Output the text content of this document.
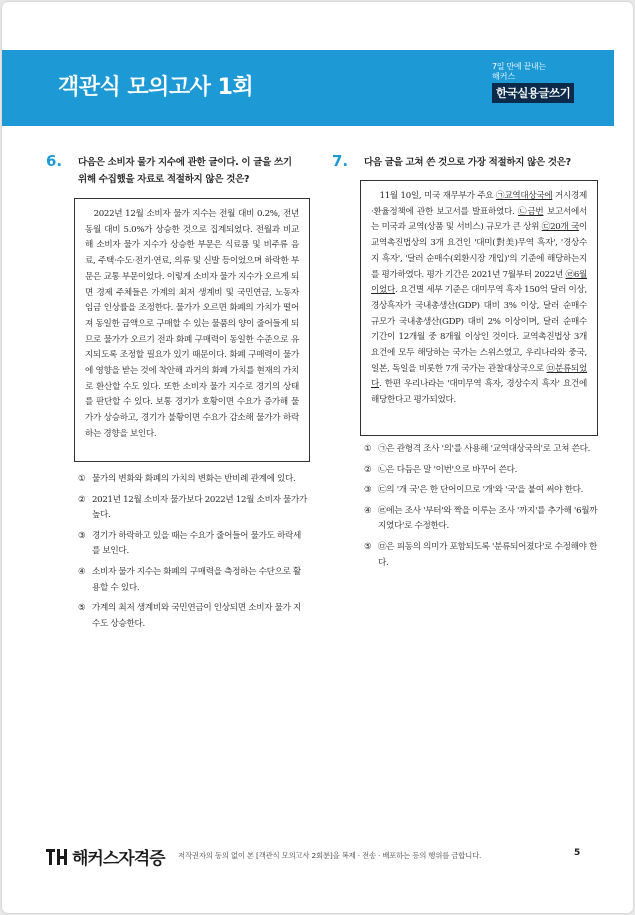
객관식 모의고사 1회
7일 만에 끝내는
해커스
한국실용글쓰기
6. 다음은 소비자 물가 지수에 관한 글이다. 이 글을 쓰기 위해 수집했을 자료로 적절하지 않은 것은?

2022년 12월 소비자 물가 지수는 전월 대비 0.2%, 전년 동월 대비 5.0%가 상승한 것으로 집계되었다. 전월과 비교해 소비자 물가 지수가 상승한 부문은 식료품 및 비주류 음료, 주택·수도·전기·연료, 의류 및 신발 등이었으며 하락한 부문은 교통 부문이었다. 이렇게 소비자 물가 지수가 오르게 되면 경제 주체들은 가계의 최저 생계비 및 국민연금, 노동자 임금 인상률을 조정한다. 물가가 오르면 화폐의 가치가 떨어져 동일한 금액으로 구매할 수 있는 물품의 양이 줄어들게 되므로 물가가 오르기 전과 화폐 구매력이 동일한 수준으로 유지되도록 조정할 필요가 있기 때문이다. 화폐 구매력이 물가에 영향을 받는 것에 착안해 과거의 화폐 가치를 현재의 가치로 환산할 수도 있다. 또한 소비자 물가 지수로 경기의 상태를 판단할 수 있다. 보통 경기가 호황이면 수요가 증가해 물가가 상승하고, 경기가 불황이면 수요가 감소해 물가가 하락하는 경향을 보인다.

① 물가의 변화와 화폐의 가치의 변화는 반비례 관계에 있다.
② 2021년 12월 소비자 물가보다 2022년 12월 소비자 물가가 높다.
③ 경기가 하락하고 있을 때는 수요가 줄어들어 물가도 하락세를 보인다.
④ 소비자 물가 지수는 화폐의 구매력을 측정하는 수단으로 활용할 수 있다.
⑤ 가계의 최저 생계비와 국민연금이 인상되면 소비자 물가 지수도 상승한다.
7. 다음 글을 고쳐 쓴 것으로 가장 적절하지 않은 것은?

11월 10일, 미국 재무부가 주요 ㉠교역대상국에 거시경제·환율정책에 관한 보고서를 발표하였다. ㉡금번 보고서에서는 미국과 교역(상품 및 서비스) 규모가 큰 상위 ㉢20개 국이 교역촉진법상의 3개 요건인 '대미(對美)무역 흑자', '경상수지 흑자', '달러 순매수(외환시장 개입)'의 기준에 해당하는지를 평가하였다. 평가 기간은 2021년 7월부터 2022년 ㉣6월이었다. 요건별 세부 기준은 대미무역 흑자 150억 달러 이상, 경상흑자가 국내총생산(GDP) 대비 3% 이상, 달러 순매수 규모가 국내총생산(GDP) 대비 2% 이상이며, 달러 순매수 기간이 12개월 중 8개월 이상인 것이다. 교역촉진법상 3개 요건에 모두 해당하는 국가는 스위스였고, 우리나라와 중국, 일본, 독일을 비롯한 7개 국가는 관찰대상국으로 ㉤분류되었다. 한편 우리나라는 '대미무역 흑자, 경상수지 흑자' 요건에 해당한다고 평가되었다.

① ㉠은 관형격 조사 '의'를 사용해 '교역대상국의'로 고쳐 쓴다.
② ㉡은 다듬은 말 '이번'으로 바꾸어 쓴다.
③ ㉢의 '개 국'은 한 단어이므로 '개'와 '국'을 붙여 써야 한다.
④ ㉣에는 조사 '부터'와 짝을 이루는 조사 '까지'를 추가해 '6월까지였다'로 수정한다.
⑤ ㉤은 피동의 의미가 포함되도록 '분류되어졌다'로 수정해야 한다.
해커스자격증 저작권자의 동의 없이 본 [객관식 모의고사 2회분]을 복제 · 전송 · 배포하는 등의 행위를 금합니다.	5
